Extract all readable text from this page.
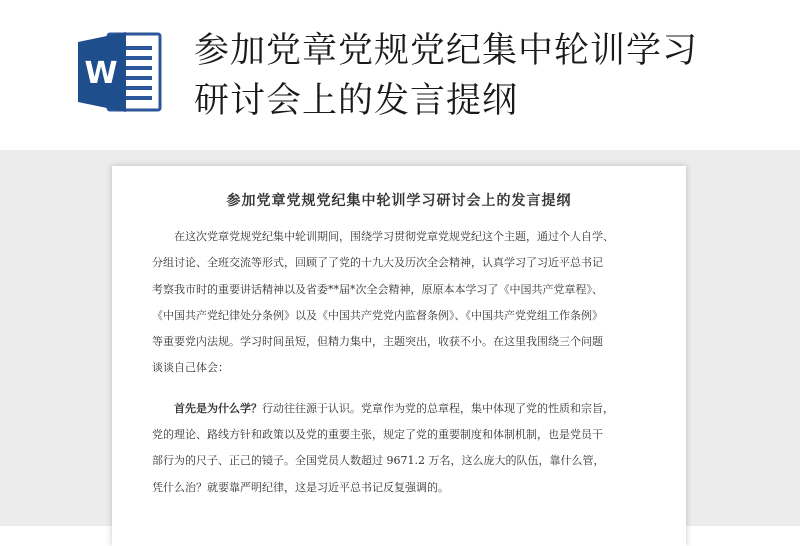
W
参加党章党规党纪集中轮训学习
研讨会上的发言提纲
参加党章党规党纪集中轮训学习研讨会上的发言提纲
在这次党章党规党纪集中轮训期间，围绕学习贯彻党章党规党纪这个主题，通过个人自学、
分组讨论、全班交流等形式，回顾了了党的十九大及历次全会精神，认真学习了习近平总书记
考察我市时的重要讲话精神以及省委**届*次全会精神，原原本本学习了《中国共产党章程》、
《中国共产党纪律处分条例》以及《中国共产党党内监督条例》、《中国共产党党组工作条例》
等重要党内法规。学习时间虽短，但精力集中，主题突出，收获不小。在这里我围绕三个问题
谈谈自己体会：
首先是为什么学？行动往往源于认识。党章作为党的总章程，集中体现了党的性质和宗旨，
党的理论、路线方针和政策以及党的重要主张，规定了党的重要制度和体制机制，也是党员干
部行为的尺子、正己的镜子。全国党员人数超过 9671.2 万名，这么庞大的队伍，靠什么管，
凭什么治？就要靠严明纪律，这是习近平总书记反复强调的。
